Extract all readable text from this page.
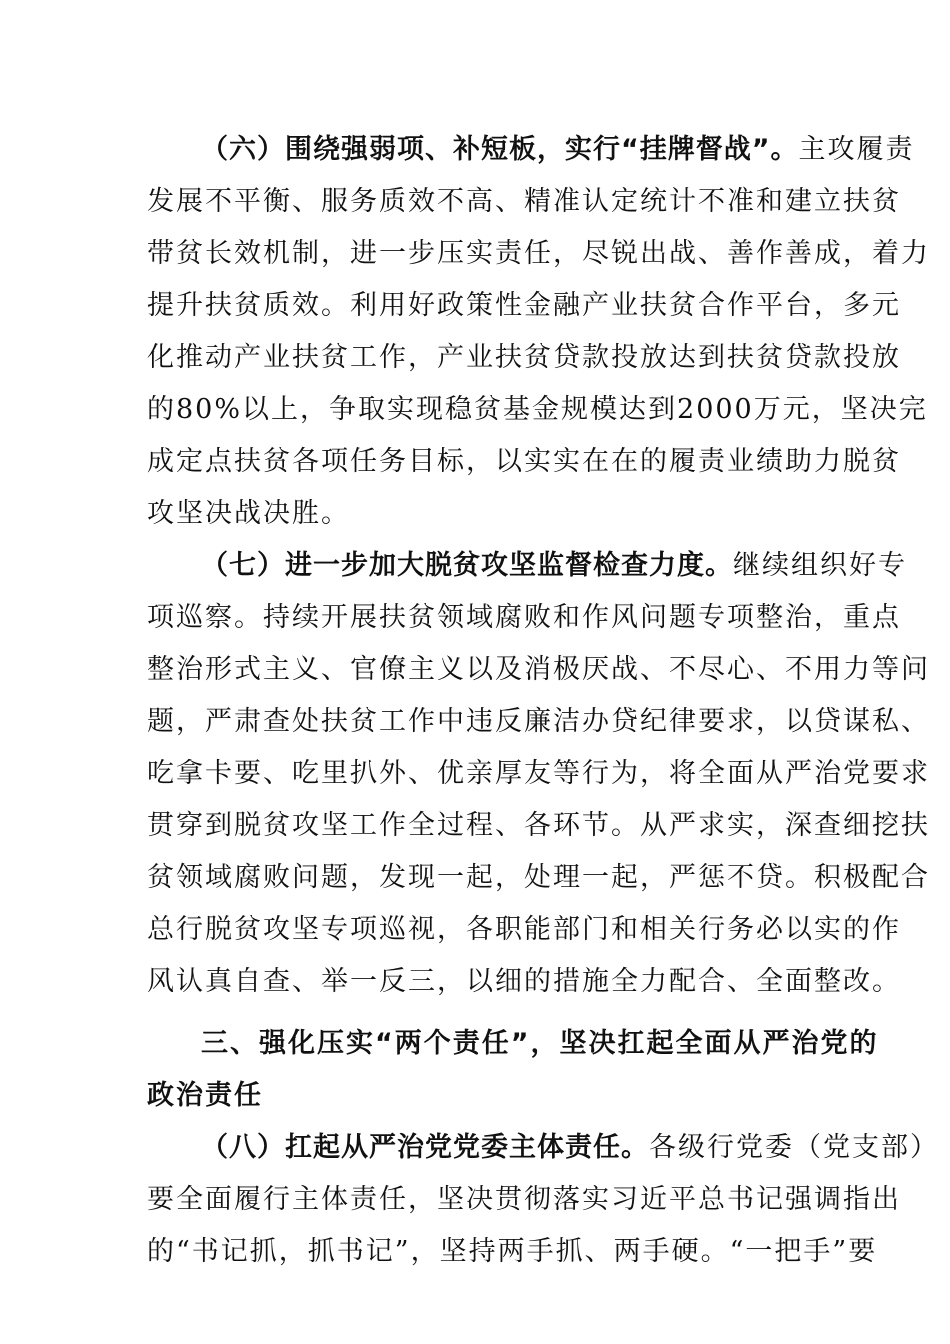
（六）围绕强弱项、补短板，实行“挂牌督战”。主攻履责
发展不平衡、服务质效不高、精准认定统计不准和建立扶贫
带贫长效机制，进一步压实责任，尽锐出战、善作善成，着力
提升扶贫质效。利用好政策性金融产业扶贫合作平台，多元
化推动产业扶贫工作，产业扶贫贷款投放达到扶贫贷款投放
的80%以上，争取实现稳贫基金规模达到2000万元，坚决完
成定点扶贫各项任务目标，以实实在在的履责业绩助力脱贫
攻坚决战决胜。
（七）进一步加大脱贫攻坚监督检查力度。继续组织好专
项巡察。持续开展扶贫领域腐败和作风问题专项整治，重点
整治形式主义、官僚主义以及消极厌战、不尽心、不用力等问
题，严肃查处扶贫工作中违反廉洁办贷纪律要求，以贷谋私、
吃拿卡要、吃里扒外、优亲厚友等行为，将全面从严治党要求
贯穿到脱贫攻坚工作全过程、各环节。从严求实，深查细挖扶
贫领域腐败问题，发现一起，处理一起，严惩不贷。积极配合
总行脱贫攻坚专项巡视，各职能部门和相关行务必以实的作
风认真自查、举一反三，以细的措施全力配合、全面整改。
三、强化压实“两个责任”，坚决扛起全面从严治党的
政治责任
（八）扛起从严治党党委主体责任。各级行党委（党支部）
要全面履行主体责任，坚决贯彻落实习近平总书记强调指出
的“书记抓，抓书记”，坚持两手抓、两手硬。“一把手”要
